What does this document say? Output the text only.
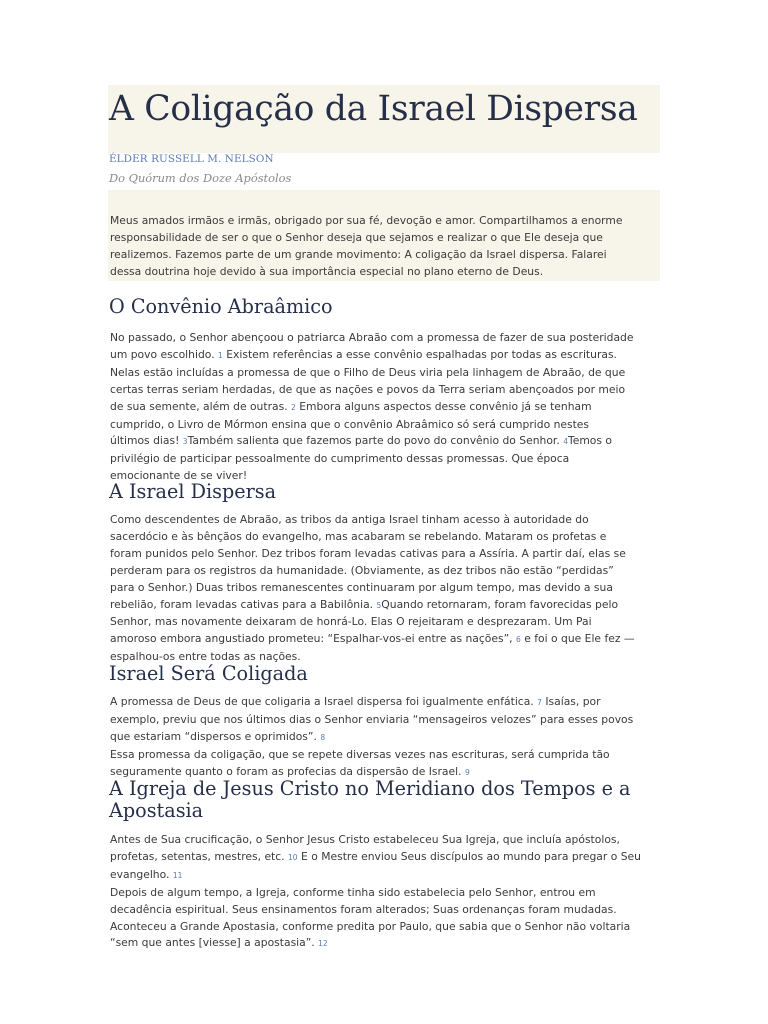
A Coligação da Israel Dispersa

ÉLDER RUSSELL M. NELSON

Do Quórum dos Doze Apóstolos

Meus amados irmãos e irmãs, obrigado por sua fé, devoção e amor. Compartilhamos a enorme
responsabilidade de ser o que o Senhor deseja que sejamos e realizar o que Ele deseja que
realizemos. Fazemos parte de um grande movimento: A coligação da Israel dispersa. Falarei
dessa doutrina hoje devido à sua importância especial no plano eterno de Deus.
O Convênio Abraâmico
No passado, o Senhor abençoou o patriarca Abraão com a promessa de fazer de sua posteridade
um povo escolhido. 1 Existem referências a esse convênio espalhadas por todas as escrituras.
Nelas estão incluídas a promessa de que o Filho de Deus viria pela linhagem de Abraão, de que
certas terras seriam herdadas, de que as nações e povos da Terra seriam abençoados por meio
de sua semente, além de outras. 2 Embora alguns aspectos desse convênio já se tenham
cumprido, o Livro de Mórmon ensina que o convênio Abraâmico só será cumprido nestes
últimos dias! 3Também salienta que fazemos parte do povo do convênio do Senhor. 4Temos o
privilégio de participar pessoalmente do cumprimento dessas promessas. Que época
emocionante de se viver!
A Israel Dispersa
Como descendentes de Abraão, as tribos da antiga Israel tinham acesso à autoridade do
sacerdócio e às bênçãos do evangelho, mas acabaram se rebelando. Mataram os profetas e
foram punidos pelo Senhor. Dez tribos foram levadas cativas para a Assíria. A partir daí, elas se
perderam para os registros da humanidade. (Obviamente, as dez tribos não estão “perdidas”
para o Senhor.) Duas tribos remanescentes continuaram por algum tempo, mas devido a sua
rebelião, foram levadas cativas para a Babilônia. 5Quando retornaram, foram favorecidas pelo
Senhor, mas novamente deixaram de honrá-Lo. Elas O rejeitaram e desprezaram. Um Pai
amoroso embora angustiado prometeu: “Espalhar-vos-ei entre as nações”, 6 e foi o que Ele fez —
espalhou-os entre todas as nações.
Israel Será Coligada
A promessa de Deus de que coligaria a Israel dispersa foi igualmente enfática. 7 Isaías, por
exemplo, previu que nos últimos dias o Senhor enviaria “mensageiros velozes” para esses povos
que estariam “dispersos e oprimidos”. 8
Essa promessa da coligação, que se repete diversas vezes nas escrituras, será cumprida tão
seguramente quanto o foram as profecias da dispersão de Israel. 9
A Igreja de Jesus Cristo no Meridiano dos Tempos e a
Apostasia
Antes de Sua crucificação, o Senhor Jesus Cristo estabeleceu Sua Igreja, que incluía apóstolos,
profetas, setentas, mestres, etc. 10 E o Mestre enviou Seus discípulos ao mundo para pregar o Seu
evangelho. 11
Depois de algum tempo, a Igreja, conforme tinha sido estabelecia pelo Senhor, entrou em
decadência espiritual. Seus ensinamentos foram alterados; Suas ordenanças foram mudadas.
Aconteceu a Grande Apostasia, conforme predita por Paulo, que sabia que o Senhor não voltaria
“sem que antes [viesse] a apostasia”. 12
